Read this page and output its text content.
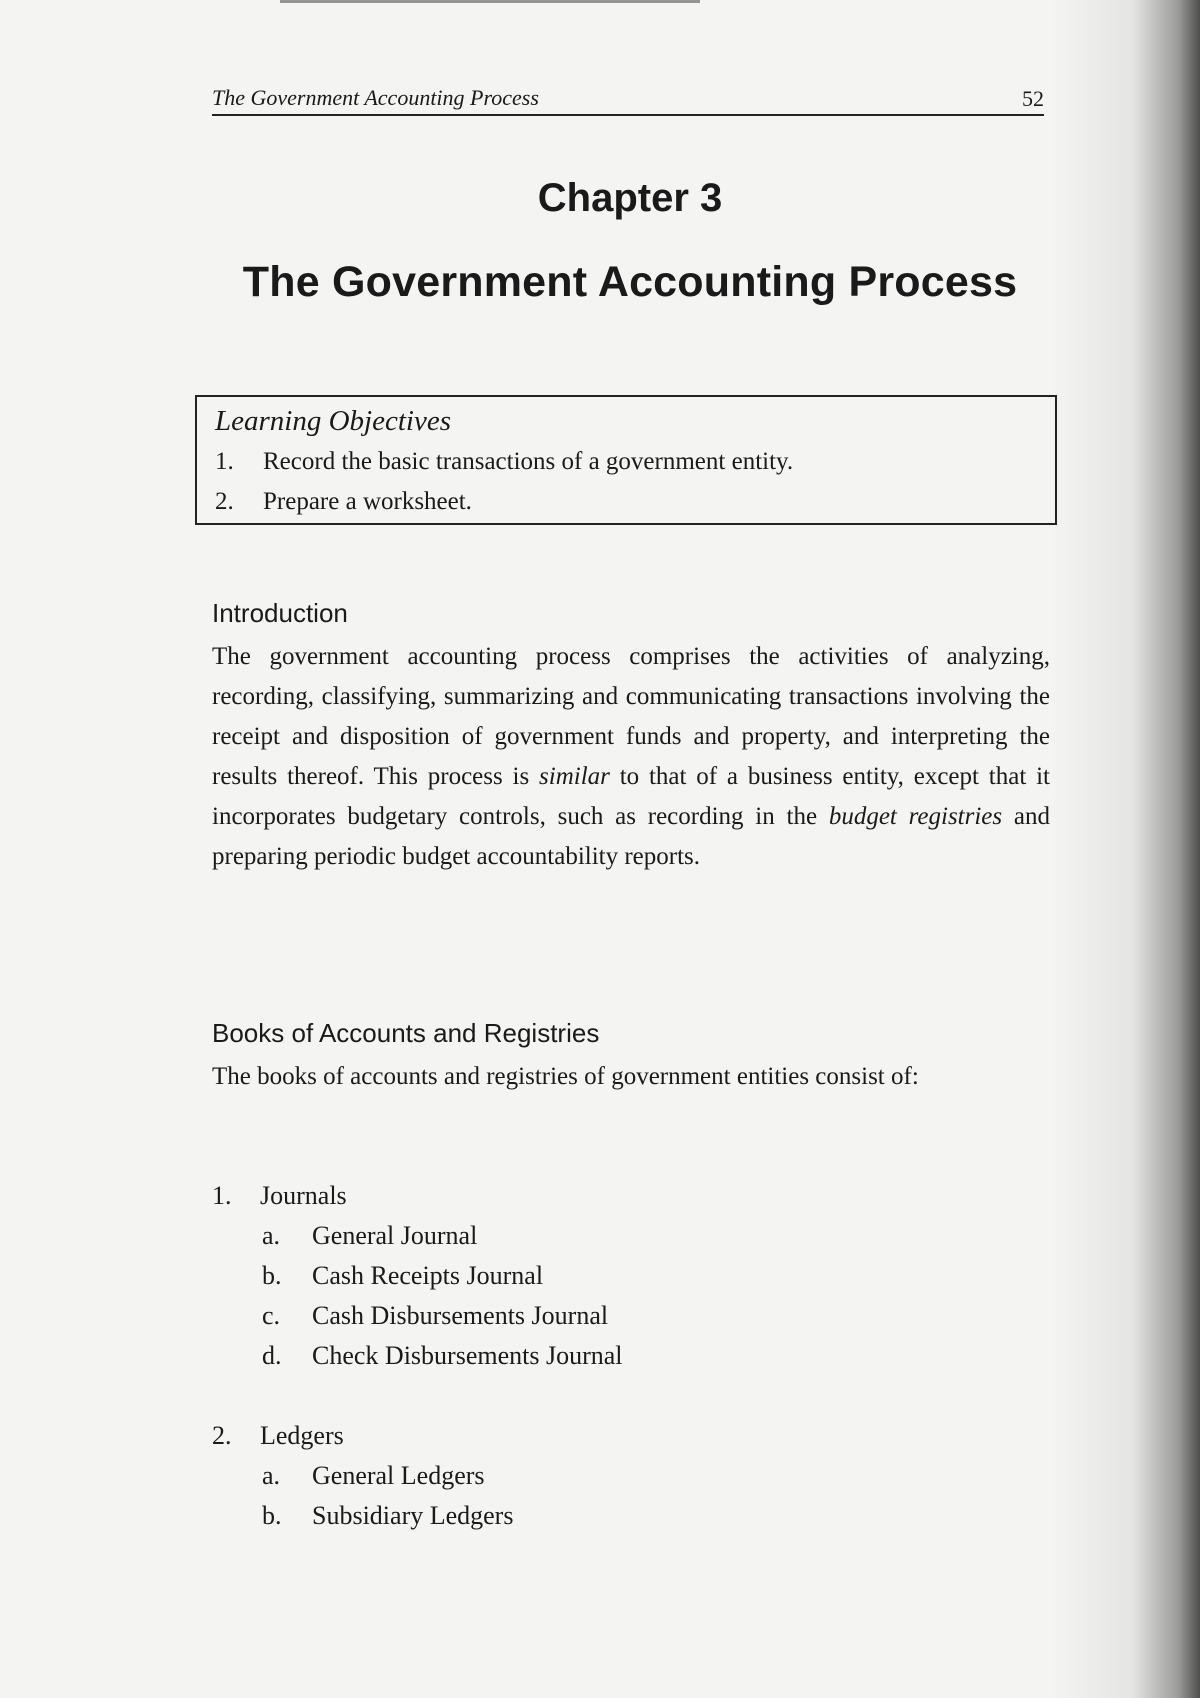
The Government Accounting Process	52
Chapter 3
The Government Accounting Process
Learning Objectives
1.	Record the basic transactions of a government entity.
2.	Prepare a worksheet.
Introduction
The government accounting process comprises the activities of analyzing, recording, classifying, summarizing and communicating transactions involving the receipt and disposition of government funds and property, and interpreting the results thereof. This process is similar to that of a business entity, except that it incorporates budgetary controls, such as recording in the budget registries and preparing periodic budget accountability reports.
Books of Accounts and Registries
The books of accounts and registries of government entities consist of:
1.	Journals
a.	General Journal
b.	Cash Receipts Journal
c.	Cash Disbursements Journal
d.	Check Disbursements Journal
2.	Ledgers
a.	General Ledgers
b.	Subsidiary Ledgers
